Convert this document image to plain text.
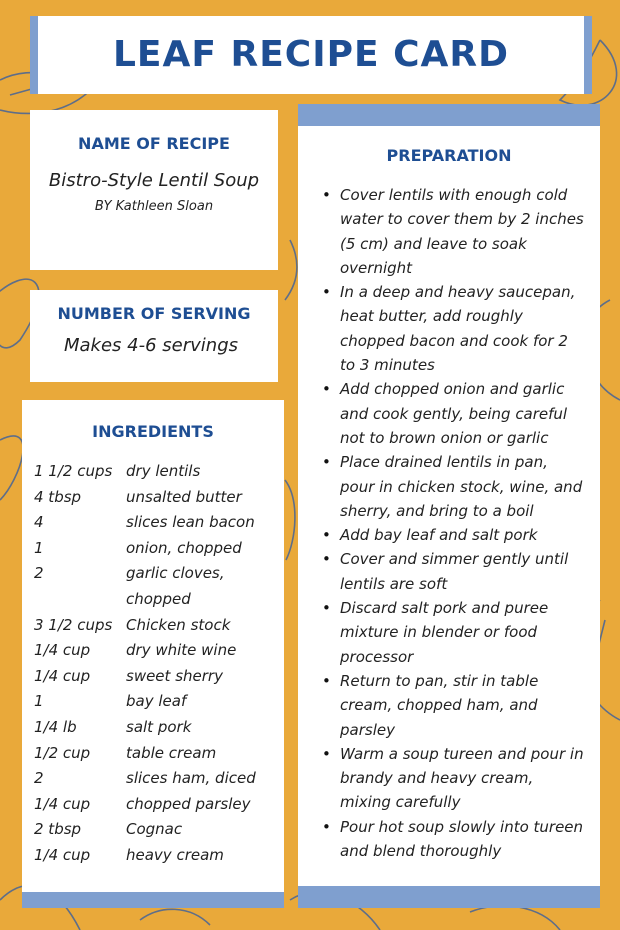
LEAF RECIPE CARD
NAME OF RECIPE
Bistro-Style Lentil Soup
BY Kathleen Sloan
NUMBER OF SERVING
Makes 4-6 servings
INGREDIENTS
1 1/2 cups dry lentils
4 tbsp	unsalted butter
4	slices lean bacon
1	onion, chopped
2	garlic cloves, chopped
3 1/2 cups Chicken stock
1/4 cup	dry white wine
1/4 cup	sweet sherry
1	bay leaf
1/4 lb	salt pork
1/2 cup	table cream
2	slices ham, diced
1/4 cup	chopped parsley
2 tbsp	Cognac
1/4 cup	heavy cream
PREPARATION
• Cover lentils with enough cold water to cover them by 2 inches (5 cm) and leave to soak overnight
• In a deep and heavy saucepan, heat butter, add roughly chopped bacon and cook for 2 to 3 minutes
• Add chopped onion and garlic and cook gently, being careful not to brown onion or garlic
• Place drained lentils in pan, pour in chicken stock, wine, and sherry, and bring to a boil
• Add bay leaf and salt pork
• Cover and simmer gently until lentils are soft
• Discard salt pork and puree mixture in blender or food processor
• Return to pan, stir in table cream, chopped ham, and parsley
• Warm a soup tureen and pour in brandy and heavy cream, mixing carefully
• Pour hot soup slowly into tureen and blend thoroughly
